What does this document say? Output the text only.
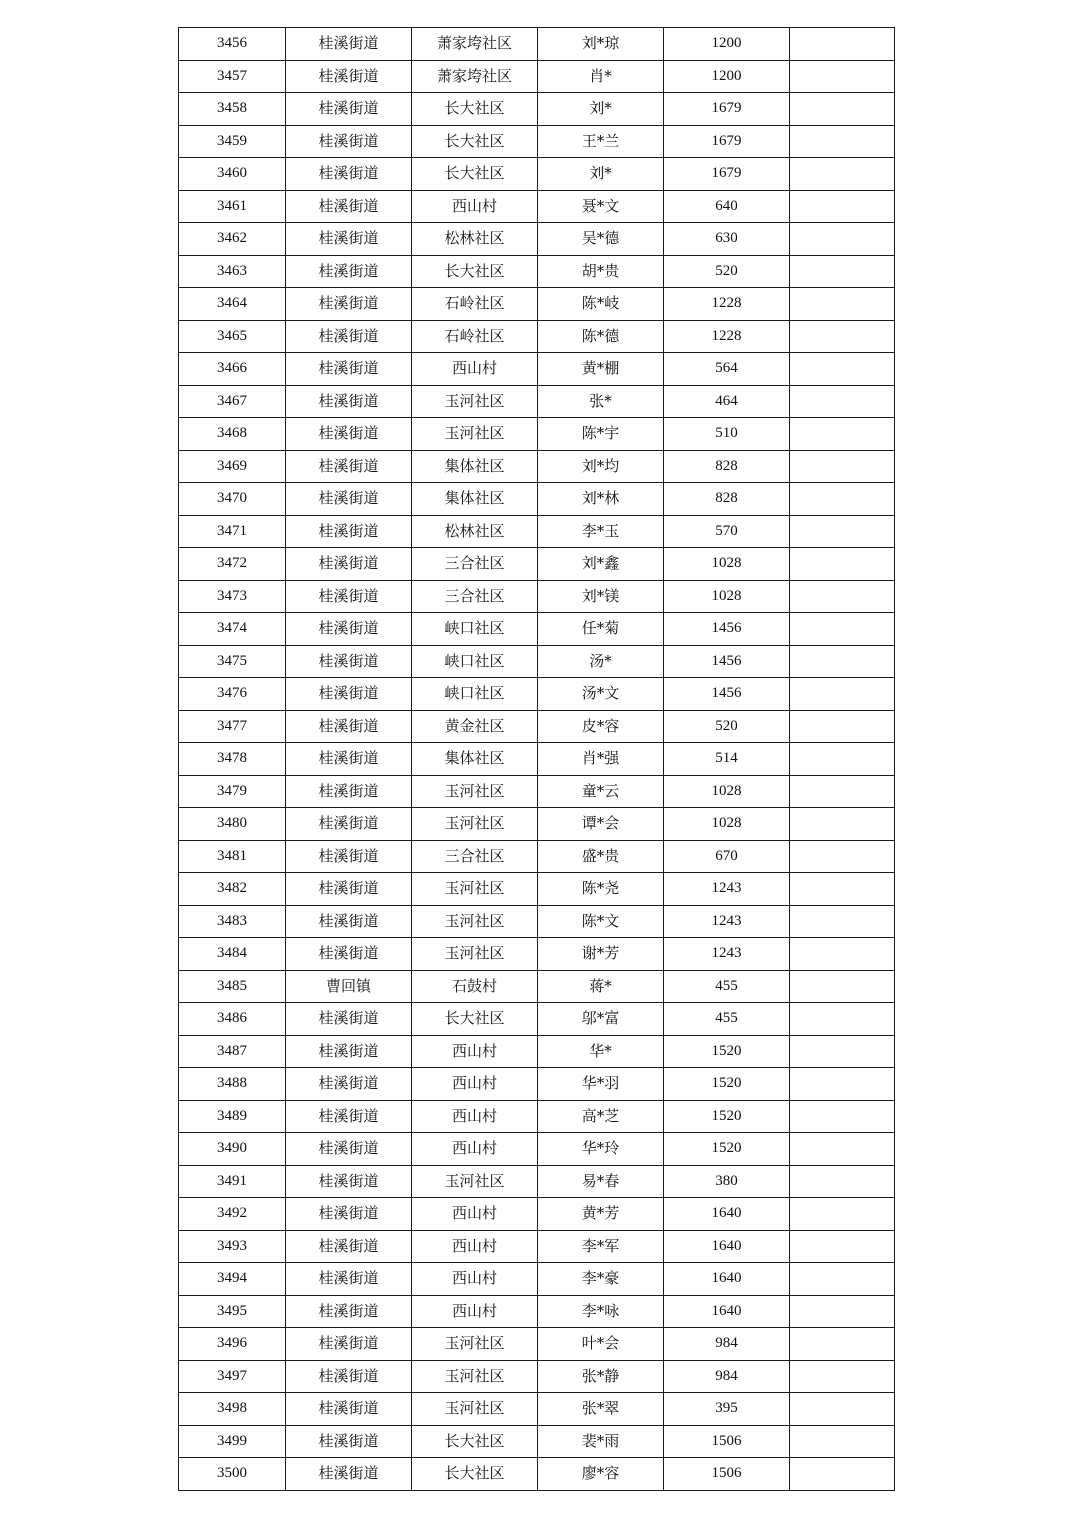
3456	桂溪街道	萧家垮社区	刘*琼	1200	
3457	桂溪街道	萧家垮社区	肖*	1200	
3458	桂溪街道	长大社区	刘*	1679	
3459	桂溪街道	长大社区	王*兰	1679	
3460	桂溪街道	长大社区	刘*	1679	
3461	桂溪街道	西山村	聂*文	640	
3462	桂溪街道	松林社区	吴*德	630	
3463	桂溪街道	长大社区	胡*贵	520	
3464	桂溪街道	石岭社区	陈*岐	1228	
3465	桂溪街道	石岭社区	陈*德	1228	
3466	桂溪街道	西山村	黄*棚	564	
3467	桂溪街道	玉河社区	张*	464	
3468	桂溪街道	玉河社区	陈*宇	510	
3469	桂溪街道	集体社区	刘*均	828	
3470	桂溪街道	集体社区	刘*林	828	
3471	桂溪街道	松林社区	李*玉	570	
3472	桂溪街道	三合社区	刘*鑫	1028	
3473	桂溪街道	三合社区	刘*镁	1028	
3474	桂溪街道	峡口社区	任*菊	1456	
3475	桂溪街道	峡口社区	汤*	1456	
3476	桂溪街道	峡口社区	汤*文	1456	
3477	桂溪街道	黄金社区	皮*容	520	
3478	桂溪街道	集体社区	肖*强	514	
3479	桂溪街道	玉河社区	童*云	1028	
3480	桂溪街道	玉河社区	谭*会	1028	
3481	桂溪街道	三合社区	盛*贵	670	
3482	桂溪街道	玉河社区	陈*尧	1243	
3483	桂溪街道	玉河社区	陈*文	1243	
3484	桂溪街道	玉河社区	谢*芳	1243	
3485	曹回镇	石鼓村	蒋*	455	
3486	桂溪街道	长大社区	邬*富	455	
3487	桂溪街道	西山村	华*	1520	
3488	桂溪街道	西山村	华*羽	1520	
3489	桂溪街道	西山村	高*芝	1520	
3490	桂溪街道	西山村	华*玲	1520	
3491	桂溪街道	玉河社区	易*春	380	
3492	桂溪街道	西山村	黄*芳	1640	
3493	桂溪街道	西山村	李*军	1640	
3494	桂溪街道	西山村	李*豪	1640	
3495	桂溪街道	西山村	李*咏	1640	
3496	桂溪街道	玉河社区	叶*会	984	
3497	桂溪街道	玉河社区	张*静	984	
3498	桂溪街道	玉河社区	张*翠	395	
3499	桂溪街道	长大社区	裴*雨	1506	
3500	桂溪街道	长大社区	廖*容	1506	
